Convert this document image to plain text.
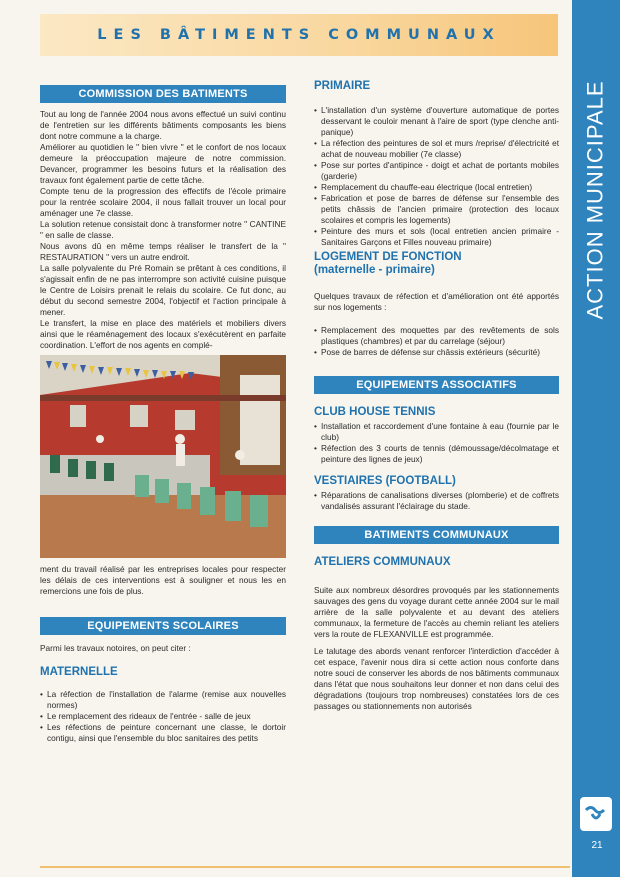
LES BÂTIMENTS COMMUNAUX
ACTION MUNICIPALE
21
COMMISSION DES BATIMENTS

Tout au long de l'année 2004 nous avons effectué un suivi continu de l'entretien sur les différents bâtiments composants les biens dont notre commune a la charge.

Améliorer au quotidien le " bien vivre " et le confort de nos locaux demeure la préoccupation majeure de notre commission. Devancer, programmer les besoins futurs et la réalisation des travaux font également partie de cette tâche.

Compte tenu de la progression des effectifs de l'école primaire pour la rentrée scolaire 2004, il nous fallait trouver un local pour aménager une 7e classe.

La solution retenue consistait donc à transformer notre " CANTINE " en salle de classe.

Nous avons dû en même temps réaliser le transfert de la " RESTAURATION " vers un autre endroit.

La salle polyvalente du Pré Romain se prêtant à ces conditions, il s'agissait enfin de ne pas interrompre son activité cuisine puisque le Centre de Loisirs prenait le relais du scolaire. Ce fut donc, au début du second semestre 2004, l'objectif et l'action principale à mener.

Le transfert, la mise en place des matériels et mobiliers divers ainsi que le réaménagement des locaux s'exécutèrent en parfaite coordination. L'effort de nos agents en complé-

ment du travail réalisé par les entreprises locales pour respecter les délais de ces interventions est à souligner et nous les en remercions une fois de plus.

EQUIPEMENTS SCOLAIRES

Parmi les travaux notoires, on peut citer :

MATERNELLE
• La réfection de l'installation de l'alarme (remise aux nouvelles normes)
• Le remplacement des rideaux de l'entrée - salle de jeux
• Les réfections de peinture concernant une classe, le dortoir contigu, ainsi que l'ensemble du bloc sanitaires des petits
PRIMAIRE
• L'installation d'un système d'ouverture automatique de portes desservant le couloir menant à l'aire de sport (type clenche anti-panique)
• La réfection des peintures de sol et murs /reprise/ d'électricité et achat de nouveau mobilier (7e classe)
• Pose sur portes d'antipince - doigt et achat de portants mobiles (garderie)
• Remplacement du chauffe-eau électrique (local entretien)
• Fabrication et pose de barres de défense sur l'ensemble des petits châssis de l'ancien primaire (protection des locaux scolaires et compris les logements)
• Peinture des murs et sols (local entretien ancien primaire - Sanitaires Garçons et Filles nouveau primaire)
LOGEMENT DE FONCTION
(maternelle - primaire)

Quelques travaux de réfection et d'amélioration ont été apportés sur nos logements :

• Remplacement des moquettes par des revêtements de sols plastiques (chambres) et par du carrelage (séjour)
• Pose de barres de défense sur châssis extérieurs (sécurité)
EQUIPEMENTS ASSOCIATIFS
CLUB HOUSE TENNIS
• Installation et raccordement d'une fontaine à eau (fournie par le club)
• Réfection des 3 courts de tennis (démoussage/décolmatage et peinture des lignes de jeux)
VESTIAIRES (FOOTBALL)
• Réparations de canalisations diverses (plomberie) et de coffrets vandalisés assurant l'éclairage du stade.
BATIMENTS COMMUNAUX
ATELIERS COMMUNAUX

Suite aux nombreux désordres provoqués par les stationnements sauvages des gens du voyage durant cette année 2004 sur le mail arrière de la salle polyvalente et au devant des ateliers communaux, la fermeture de l'accès au chemin reliant les ateliers vers la route de FLEXANVILLE est programmée.

Le talutage des abords venant renforcer l'interdiction d'accéder à cet espace, l'avenir nous dira si cette action nous conforte dans notre souci de conserver les abords de nos bâtiments communaux dans l'état que nous souhaitons leur donner et non dans celui des dégradations (toujours trop nombreuses) constatées lors de ces passages ou stationnements non autorisés
